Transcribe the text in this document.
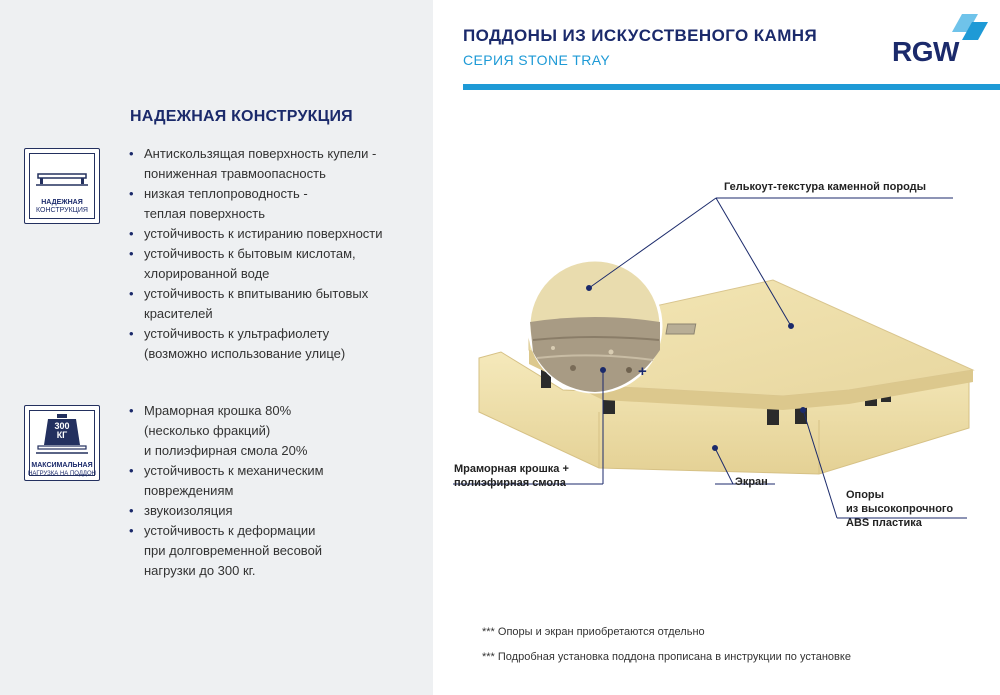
НАДЕЖНАЯ КОНСТРУКЦИЯ
НАДЕЖНАЯ
КОНСТРУКЦИЯ
• Антискользящая поверхность купели -
пониженная травмоопасность
• низкая теплопроводность -
теплая поверхность
• устойчивость к истиранию поверхности
• устойчивость к бытовым кислотам,
хлорированной воде
• устойчивость к впитыванию бытовых
красителей
• устойчивость к ультрафиолету
(возможно использование улице)
300
КГ
МАКСИМАЛЬНАЯ
НАГРУЗКА НА ПОДДОН
• Мраморная крошка 80%
(несколько фракций)
и полиэфирная смола 20%
• устойчивость к механическим
повреждениям
• звукоизоляция
• устойчивость к деформации
при долговременной весовой
нагрузки до 300 кг.
ПОДДОНЫ ИЗ ИСКУССТВЕНОГО КАМНЯ
СЕРИЯ STONE TRAY	RGW
Гелькоут-текстура каменной породы
Мраморная крошка +
полиэфирная смола	Экран
Опоры
из высокопрочного
ABS пластика
+
*** Опоры и экран приобретаются отдельно
*** Подробная установка поддона прописана в инструкции по установке
